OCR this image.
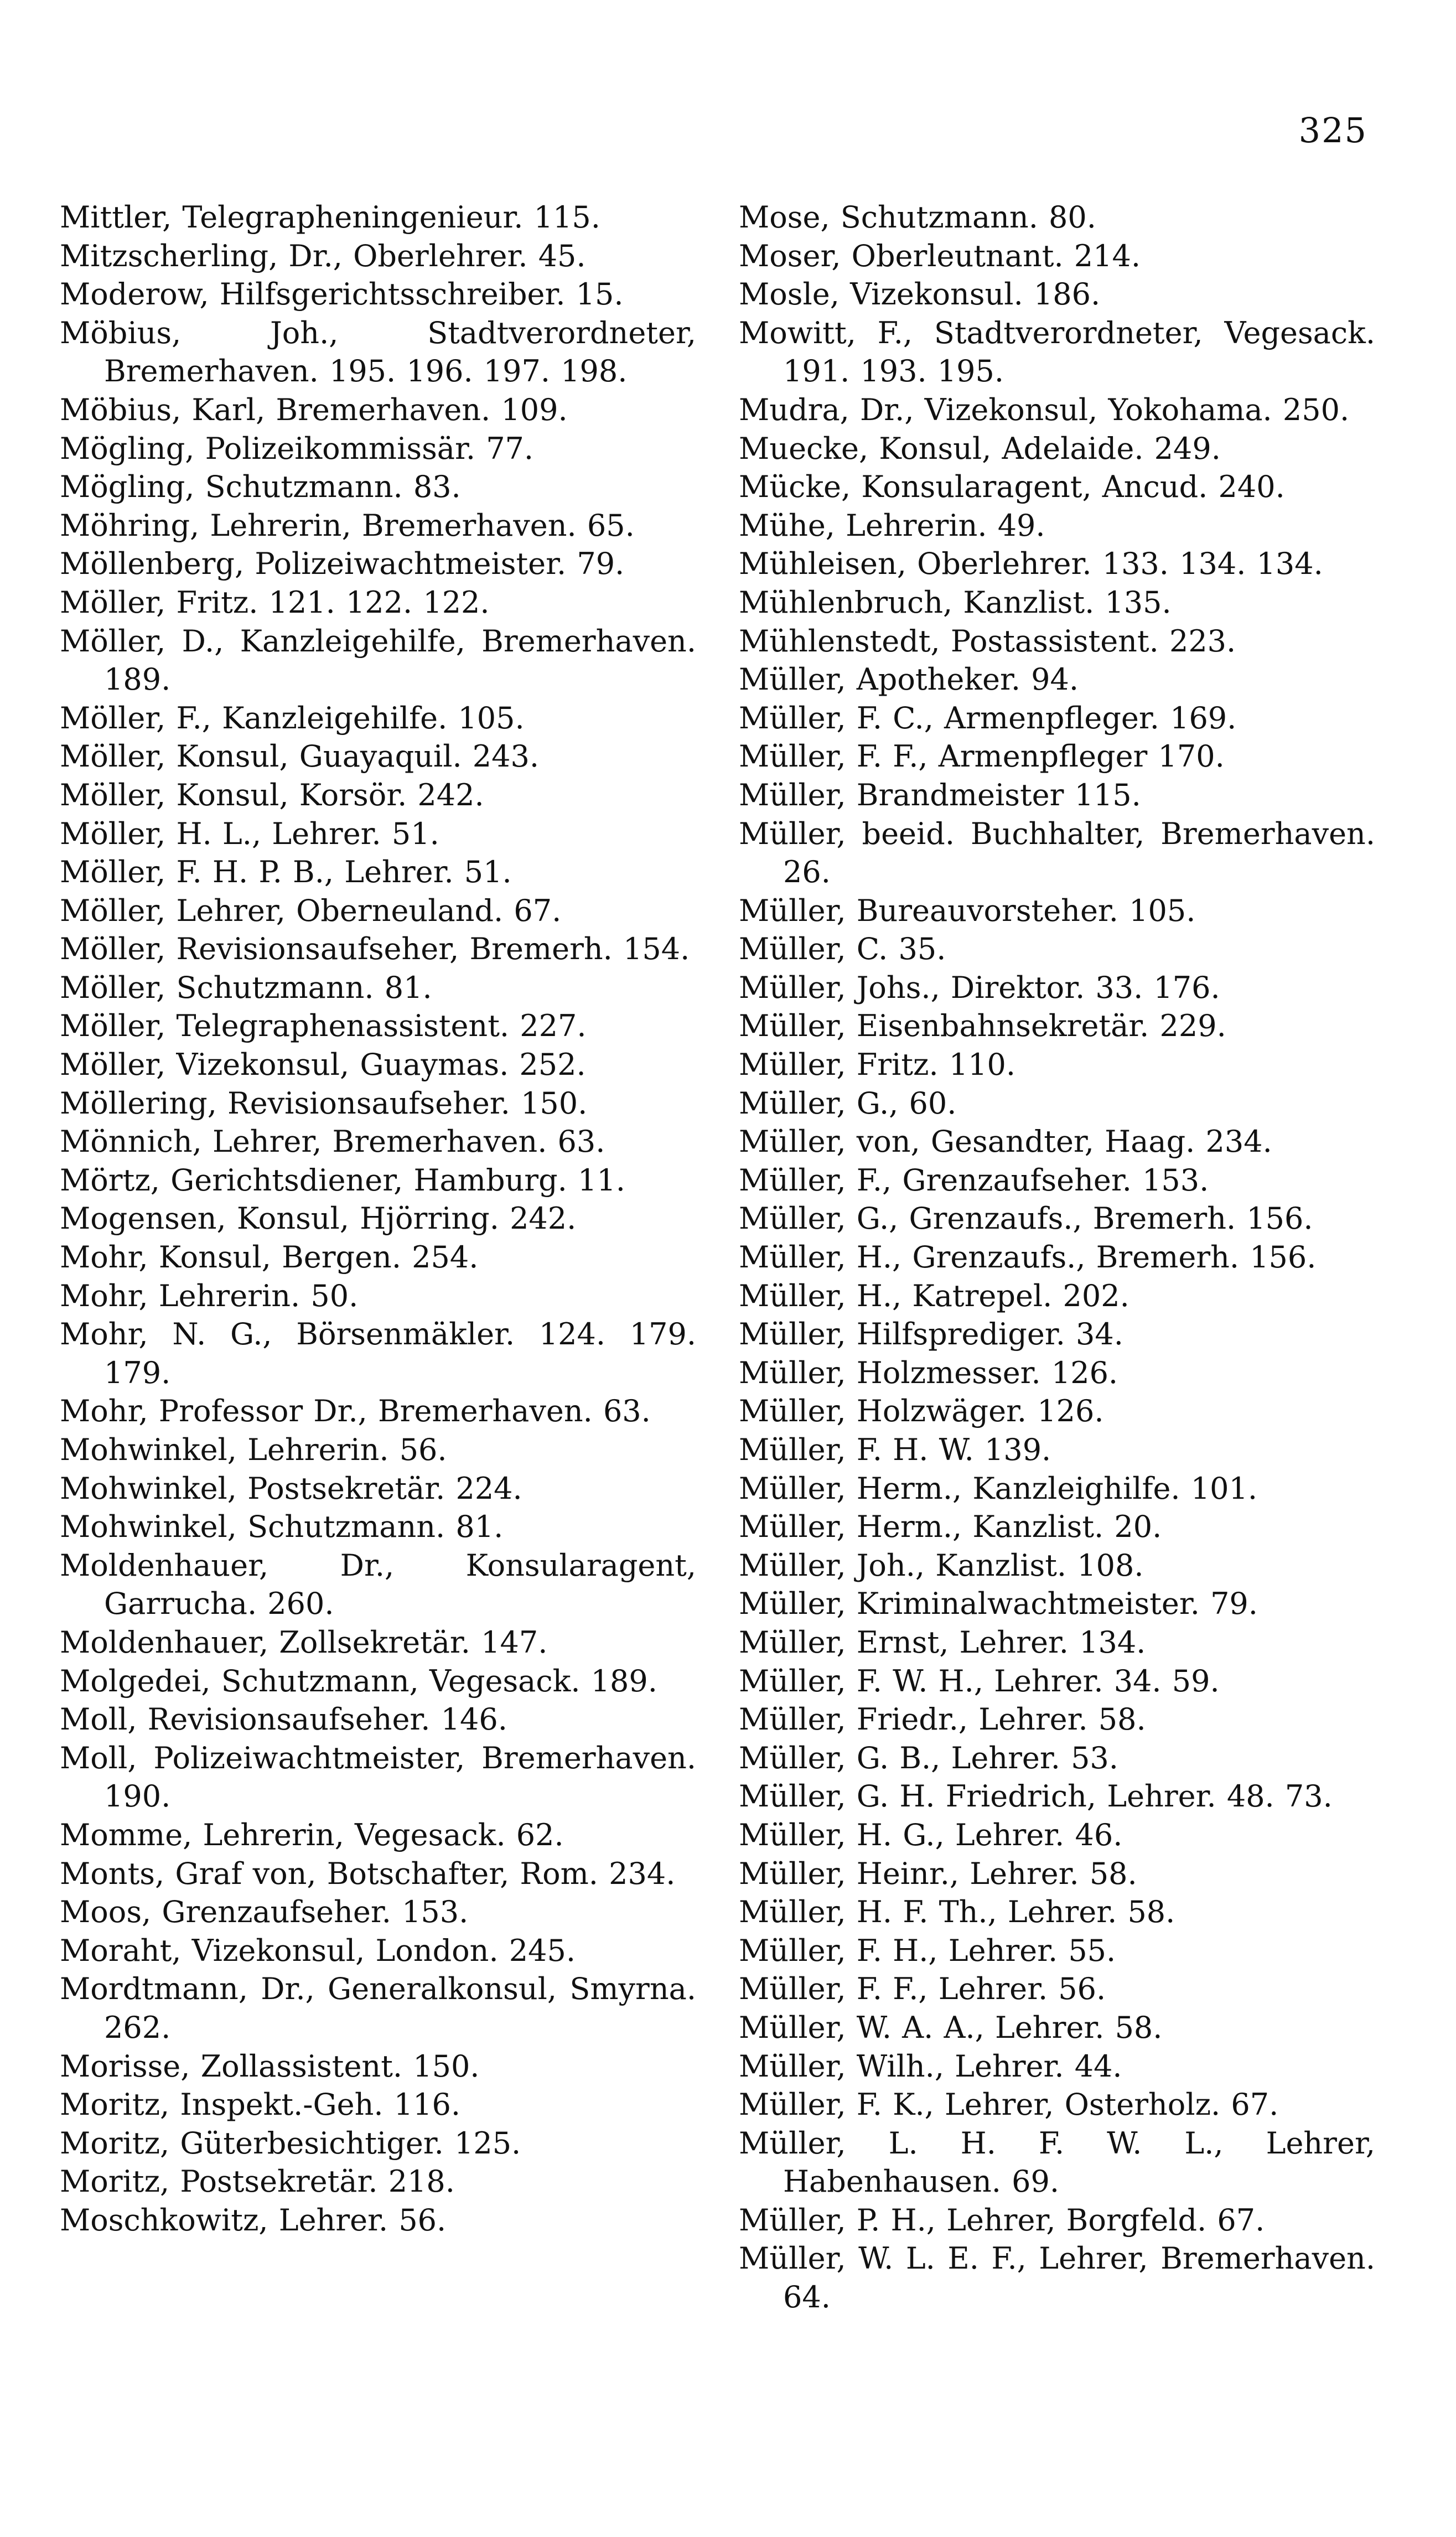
325

Mittler, Telegrapheningenieur. 115.

Mitzscherling, Dr., Oberlehrer. 45.

Moderow, Hilfsgerichtsschreiber. 15.

Möbius, Joh., Stadtverordneter, Bremerhaven. 195. 196. 197. 198.

Möbius, Karl, Bremerhaven. 109.

Mögling, Polizeikommissär. 77.

Mögling, Schutzmann. 83.

Möhring, Lehrerin, Bremerhaven. 65.

Möllenberg, Polizeiwachtmeister. 79.

Möller, Fritz. 121. 122. 122.

Möller, D., Kanzleigehilfe, Bremerhaven. 189.

Möller, F., Kanzleigehilfe. 105.

Möller, Konsul, Guayaquil. 243.

Möller, Konsul, Korsör. 242.

Möller, H. L., Lehrer. 51.

Möller, F. H. P. B., Lehrer. 51.

Möller, Lehrer, Oberneuland. 67.

Möller, Revisionsaufseher, Bremerh. 154.

Möller, Schutzmann. 81.

Möller, Telegraphenassistent. 227.

Möller, Vizekonsul, Guaymas. 252.

Möllering, Revisionsaufseher. 150.

Mönnich, Lehrer, Bremerhaven. 63.

Mörtz, Gerichtsdiener, Hamburg. 11.

Mogensen, Konsul, Hjörring. 242.

Mohr, Konsul, Bergen. 254.

Mohr, Lehrerin. 50.

Mohr, N. G., Börsenmäkler. 124. 179. 179.

Mohr, Professor Dr., Bremerhaven. 63.

Mohwinkel, Lehrerin. 56.

Mohwinkel, Postsekretär. 224.

Mohwinkel, Schutzmann. 81.

Moldenhauer, Dr., Konsularagent, Garrucha. 260.

Moldenhauer, Zollsekretär. 147.

Molgedei, Schutzmann, Vegesack. 189.

Moll, Revisionsaufseher. 146.

Moll, Polizeiwachtmeister, Bremerhaven. 190.

Momme, Lehrerin, Vegesack. 62.

Monts, Graf von, Botschafter, Rom. 234.

Moos, Grenzaufseher. 153.

Moraht, Vizekonsul, London. 245.

Mordtmann, Dr., Generalkonsul, Smyrna. 262.

Morisse, Zollassistent. 150.

Moritz, Inspekt.-Geh. 116.

Moritz, Güterbesichtiger. 125.

Moritz, Postsekretär. 218.

Moschkowitz, Lehrer. 56.

Mose, Schutzmann. 80.

Moser, Oberleutnant. 214.

Mosle, Vizekonsul. 186.

Mowitt, F., Stadtverordneter, Vegesack. 191. 193. 195.

Mudra, Dr., Vizekonsul, Yokohama. 250.

Muecke, Konsul, Adelaide. 249.

Mücke, Konsularagent, Ancud. 240.

Mühe, Lehrerin. 49.

Mühleisen, Oberlehrer. 133. 134. 134.

Mühlenbruch, Kanzlist. 135.

Mühlenstedt, Postassistent. 223.

Müller, Apotheker. 94.

Müller, F. C., Armenpfleger. 169.

Müller, F. F., Armenpfleger 170.

Müller, Brandmeister 115.

Müller, beeid. Buchhalter, Bremerhaven. 26.

Müller, Bureauvorsteher. 105.

Müller, C. 35.

Müller, Johs., Direktor. 33. 176.

Müller, Eisenbahnsekretär. 229.

Müller, Fritz. 110.

Müller, G., 60.

Müller, von, Gesandter, Haag. 234.

Müller, F., Grenzaufseher. 153.

Müller, G., Grenzaufs., Bremerh. 156.

Müller, H., Grenzaufs., Bremerh. 156.

Müller, H., Katrepel. 202.

Müller, Hilfsprediger. 34.

Müller, Holzmesser. 126.

Müller, Holzwäger. 126.

Müller, F. H. W. 139.

Müller, Herm., Kanzleighilfe. 101.

Müller, Herm., Kanzlist. 20.

Müller, Joh., Kanzlist. 108.

Müller, Kriminalwachtmeister. 79.

Müller, Ernst, Lehrer. 134.

Müller, F. W. H., Lehrer. 34. 59.

Müller, Friedr., Lehrer. 58.

Müller, G. B., Lehrer. 53.

Müller, G. H. Friedrich, Lehrer. 48. 73.

Müller, H. G., Lehrer. 46.

Müller, Heinr., Lehrer. 58.

Müller, H. F. Th., Lehrer. 58.

Müller, F. H., Lehrer. 55.

Müller, F. F., Lehrer. 56.

Müller, W. A. A., Lehrer. 58.

Müller, Wilh., Lehrer. 44.

Müller, F. K., Lehrer, Osterholz. 67.

Müller, L. H. F. W. L., Lehrer, Habenhausen. 69.

Müller, P. H., Lehrer, Borgfeld. 67.

Müller, W. L. E. F., Lehrer, Bremerhaven. 64.
